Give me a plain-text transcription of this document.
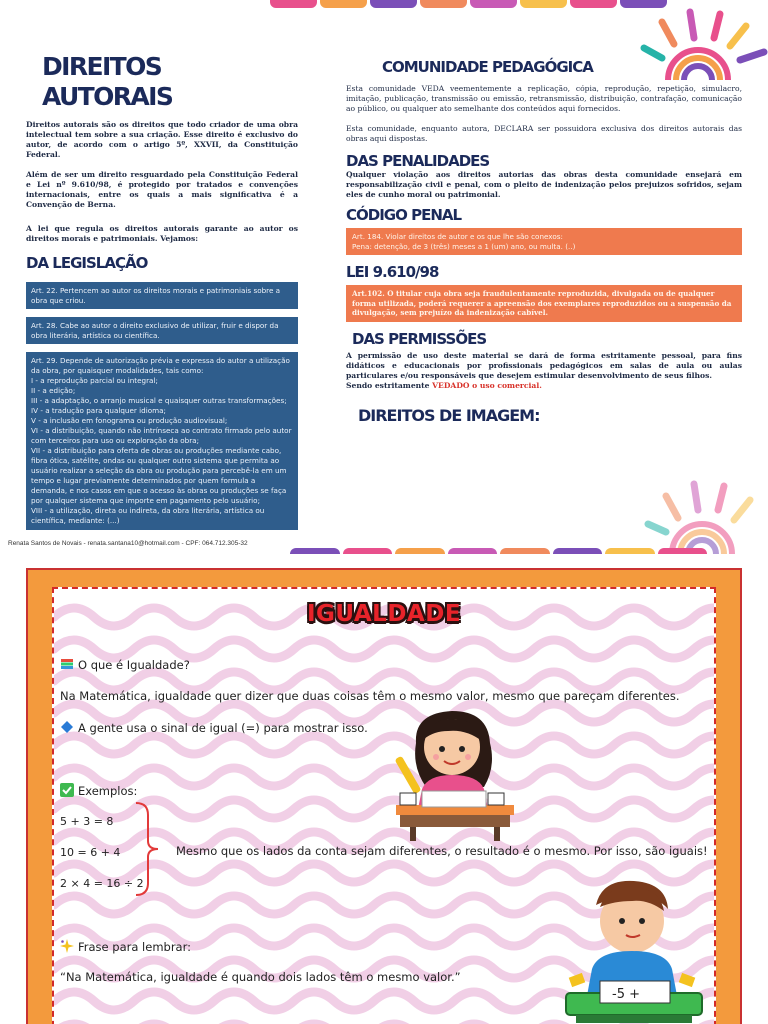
DIREITOS AUTORAIS

Direitos autorais são os direitos que todo criador de uma obra intelectual tem sobre a sua criação. Esse direito é exclusivo do autor, de acordo com o artigo 5º, XXVII, da Constituição Federal.

Além de ser um direito resguardado pela Constituição Federal e Lei nº 9.610/98, é protegido por tratados e convenções internacionais, entre os quais a mais significativa é a Convenção de Berna.

A lei que regula os direitos autorais garante ao autor os direitos morais e patrimoniais. Vejamos:

DA LEGISLAÇÃO
Art. 22. Pertencem ao autor os direitos morais e patrimoniais sobre a obra que criou.
Art. 28. Cabe ao autor o direito exclusivo de utilizar, fruir e dispor da obra literária, artística ou científica.
Art. 29. Depende de autorização prévia e expressa do autor a utilização da obra, por quaisquer modalidades, tais como:
I - a reprodução parcial ou integral;
II - a edição;
III - a adaptação, o arranjo musical e quaisquer outras transformações;
IV - a tradução para qualquer idioma;
V - a inclusão em fonograma ou produção audiovisual;
VI - a distribuição, quando não intrínseca ao contrato firmado pelo autor com terceiros para uso ou exploração da obra;
VII - a distribuição para oferta de obras ou produções mediante cabo, fibra ótica, satélite, ondas ou qualquer outro sistema que permita ao usuário realizar a seleção da obra ou produção para percebê-la em um tempo e lugar previamente determinados por quem formula a demanda, e nos casos em que o acesso às obras ou produções se faça por qualquer sistema que importe em pagamento pelo usuário;
VIII - a utilização, direta ou indireta, da obra literária, artística ou científica, mediante: (...)
COMUNIDADE PEDAGÓGICA

Esta comunidade VEDA veementemente a replicação, cópia, reprodução, repetição, simulacro, imitação, publicação, transmissão ou emissão, retransmissão, distribuição, contrafação, comunicação ao público, ou qualquer ato semelhante dos conteúdos aqui fornecidos.

Esta comunidade, enquanto autora, DECLARA ser possuidora exclusiva dos direitos autorais das obras aqui dispostas.

DAS PENALIDADES

Qualquer violação aos direitos autorias das obras desta comunidade ensejará em responsabilização civil e penal, com o pleito de indenização pelos prejuizos sofridos, sejam eles de cunho moral ou patrimonial.

CÓDIGO PENAL
Art. 184. Violar direitos de autor e os que lhe são conexos:
Pena: detenção, de 3 (três) meses a 1 (um) ano, ou multa. (..)
LEI 9.610/98
Art.102. O titular cuja obra seja fraudulentamente reproduzida, divulgada ou de qualquer forma utilizada, poderá requerer a apreensão dos exemplares reproduzidos ou a suspensão da divulgação, sem prejuízo da indenização cabível.
DAS PERMISSÕES

A permissão de uso deste material se dará de forma estritamente pessoal, para fins didáticos e educacionais por profissionais pedagógicos em salas de aula ou aulas particulares e/ou responsáveis que desejem estimular desenvolvimento de seus filhos.

Sendo estritamente VEDADO o uso comercial.

DIREITOS DE IMAGEM:
Renata Santos de Novais - renata.santana10@hotmail.com - CPF: 064.712.305-32
IGUALDADE
O que é Igualdade?
Na Matemática, igualdade quer dizer que duas coisas têm o mesmo valor, mesmo que pareçam diferentes.
A gente usa o sinal de igual (=) para mostrar isso.
Exemplos:
5 + 3 = 8
10 = 6 + 4
2 × 4 = 16 ÷ 2
Mesmo que os lados da conta sejam diferentes, o resultado é o mesmo. Por isso, são iguais!
Frase para lembrar:
“Na Matemática, igualdade é quando dois lados têm o mesmo valor.”
-5 +
